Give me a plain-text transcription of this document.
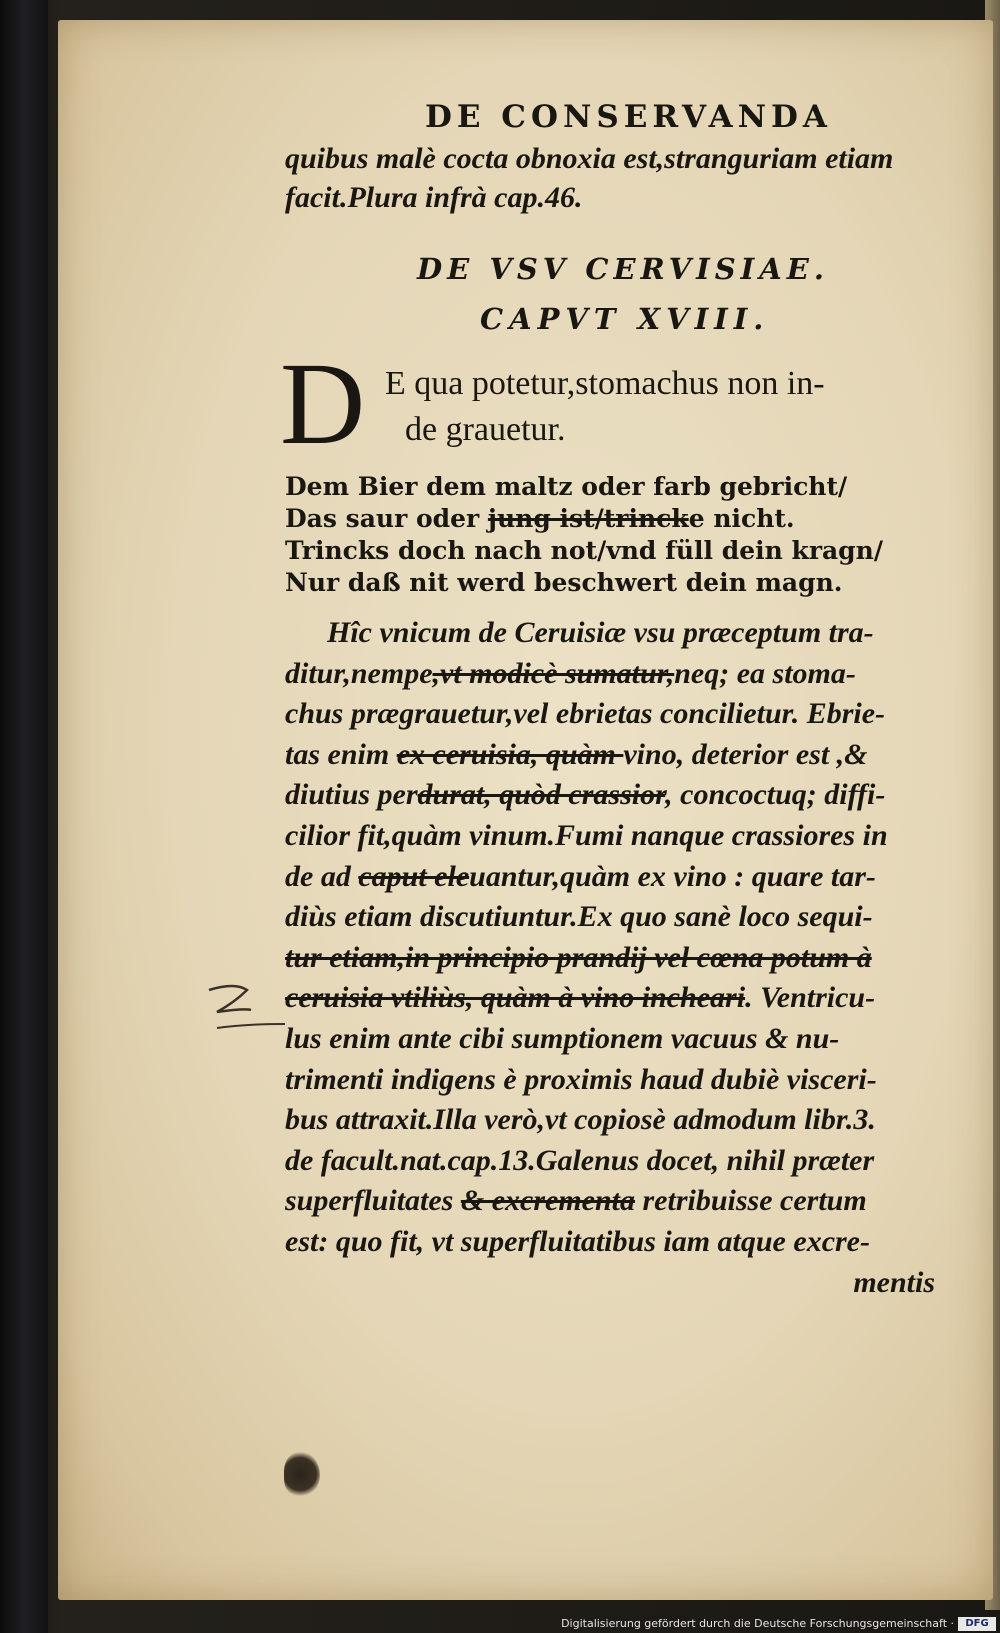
DE CONSERVANDA
quibus malè cocta obnoxia est,stranguriam etiam
facit.Plura infrà cap.46.
DE VSV CERVISIAE.
CAPVT XVIII.
D E qua potetur,stomachus non in-
de grauetur.
Dem Bier dem maltz oder farb gebricht/
Das saur oder jung ist/trincke nicht.
Trincks doch nach not/vnd füll dein kragn/
Nur daß nit werd beschwert dein magn.
Hîc vnicum de Ceruisiæ vsu præceptum tra-
ditur,nempe,vt modicè sumatur,neq; ea stoma-
chus prægrauetur,vel ebrietas concilietur. Ebrie-
tas enim ex ceruisia, quàm vino, deterior est ,&
diutius perdurat, quòd crassior, concoctuq; diffi-
cilior fit,quàm vinum.Fumi nanque crassiores in
de ad caput eleuantur,quàm ex vino : quare tar-
diùs etiam discutiuntur.Ex quo sanè loco sequi-
tur etiam,in principio prandij vel cœna potum à
ceruisia vtiliùs, quàm à vino incheari. Ventricu-
lus enim ante cibi sumptionem vacuus & nu-
trimenti indigens è proximis haud dubiè visceri-
bus attraxit.Illa verò,vt copiosè admodum libr.3.
de facult.nat.cap.13.Galenus docet, nihil præter
superfluitates & excrementa retribuisse certum
est: quo fit, vt superfluitatibus iam atque excre-
mentis
Digitalisierung gefördert durch die Deutsche Forschungsgemeinschaft ·	DFG
